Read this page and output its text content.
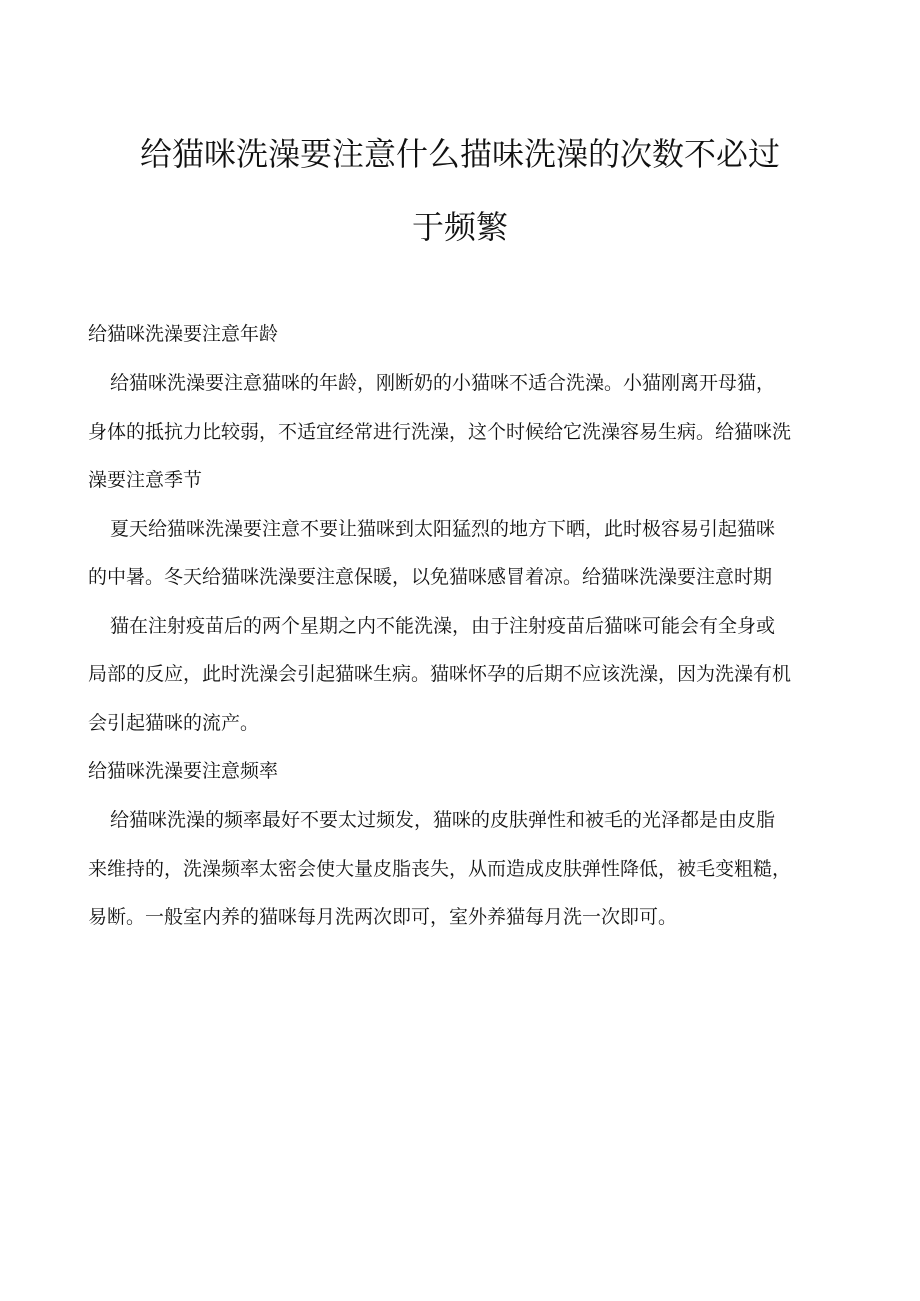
给猫咪洗澡要注意什么描味洗澡的次数不必过
于频繁
给猫咪洗澡要注意年龄
给猫咪洗澡要注意猫咪的年龄，刚断奶的小猫咪不适合洗澡。小猫刚离开母猫，
身体的抵抗力比较弱，不适宜经常进行洗澡，这个时候给它洗澡容易生病。给猫咪洗
澡要注意季节
夏天给猫咪洗澡要注意不要让猫咪到太阳猛烈的地方下晒，此时极容易引起猫咪
的中暑。冬天给猫咪洗澡要注意保暖，以免猫咪感冒着凉。给猫咪洗澡要注意时期
猫在注射疫苗后的两个星期之内不能洗澡，由于注射疫苗后猫咪可能会有全身或
局部的反应，此时洗澡会引起猫咪生病。猫咪怀孕的后期不应该洗澡，因为洗澡有机
会引起猫咪的流产。
给猫咪洗澡要注意频率
给猫咪洗澡的频率最好不要太过频发，猫咪的皮肤弹性和被毛的光泽都是由皮脂
来维持的，洗澡频率太密会使大量皮脂丧失，从而造成皮肤弹性降低，被毛变粗糙，
易断。一般室内养的猫咪每月洗两次即可，室外养猫每月洗一次即可。
